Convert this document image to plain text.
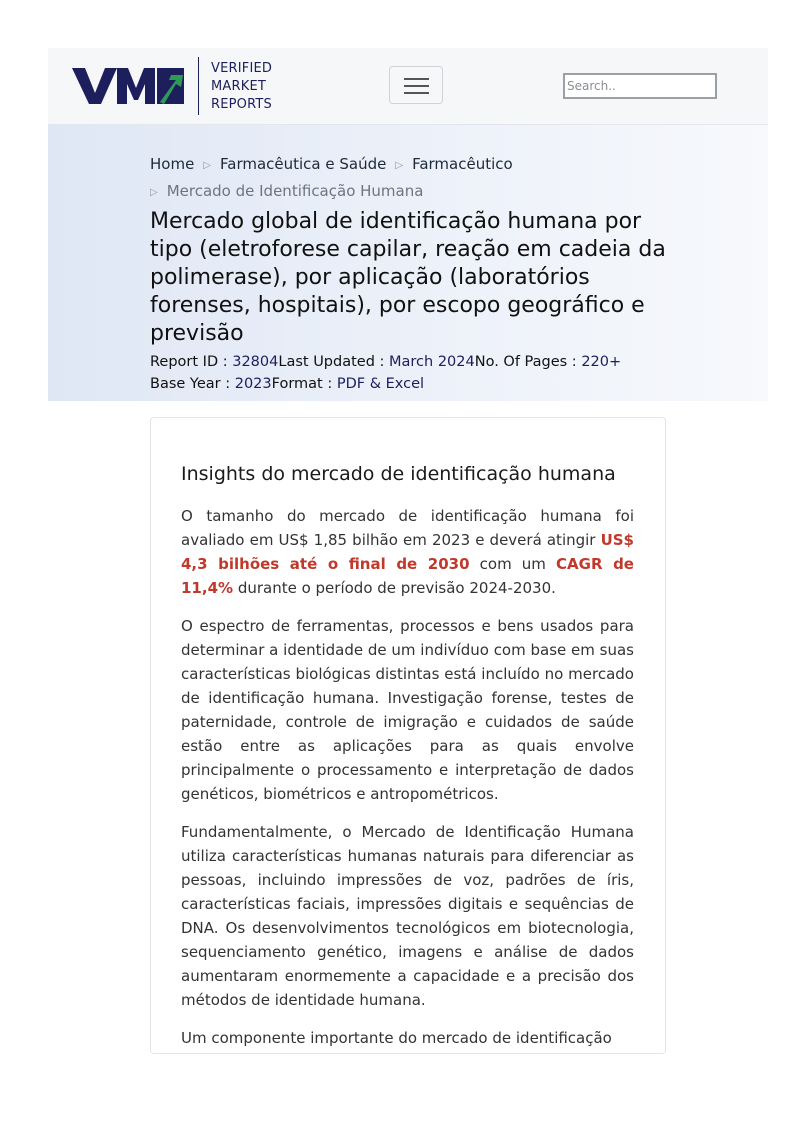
VERIFIED
MARKET
REPORTS
Search..
Home ▷ Farmacêutica e Saúde ▷ Farmacêutico
▷ Mercado de Identificação Humana
Mercado global de identificação humana por tipo (eletroforese capilar, reação em cadeia da polimerase), por aplicação (laboratórios forenses, hospitais), por escopo geográfico e previsão
Report ID : 32804Last Updated : March 2024No. Of Pages : 220+
Base Year : 2023Format : PDF & Excel
Insights do mercado de identificação humana

O tamanho do mercado de identificação humana foi avaliado em US$ 1,85 bilhão em 2023 e deverá atingir US$ 4,3 bilhões até o final de 2030 com um CAGR de 11,4% durante o período de previsão 2024-2030.

O espectro de ferramentas, processos e bens usados para determinar a identidade de um indivíduo com base em suas características biológicas distintas está incluído no mercado de identificação humana. Investigação forense, testes de paternidade, controle de imigração e cuidados de saúde estão entre as aplicações para as quais envolve principalmente o processamento e interpretação de dados genéticos, biométricos e antropométricos.

Fundamentalmente, o Mercado de Identificação Humana utiliza características humanas naturais para diferenciar as pessoas, incluindo impressões de voz, padrões de íris, características faciais, impressões digitais e sequências de DNA. Os desenvolvimentos tecnológicos em biotecnologia, sequenciamento genético, imagens e análise de dados aumentaram enormemente a capacidade e a precisão dos métodos de identidade humana.

Um componente importante do mercado de identificação
